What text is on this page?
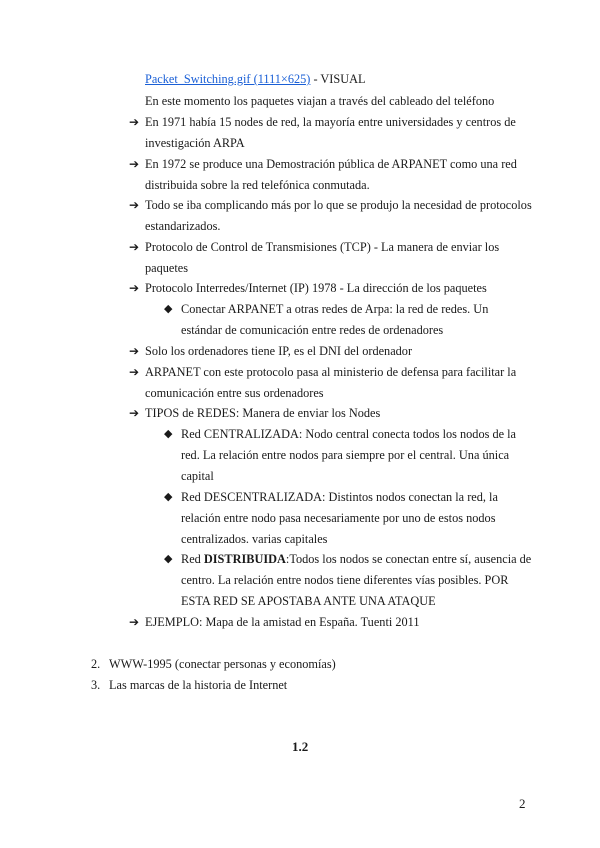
Packet_Switching.gif (1111×625) - VISUAL
En este momento los paquetes viajan a través del cableado del teléfono
➔ En 1971 había 15 nodes de red, la mayoría entre universidades y centros de
investigación ARPA
➔ En 1972 se produce una Demostración pública de ARPANET como una red
distribuida sobre la red telefónica conmutada.
➔ Todo se iba complicando más por lo que se produjo la necesidad de protocolos
estandarizados.
➔ Protocolo de Control de Transmisiones (TCP) - La manera de enviar los
paquetes
➔ Protocolo Interredes/Internet (IP) 1978 - La dirección de los paquetes
◆ Conectar ARPANET a otras redes de Arpa: la red de redes. Un
estándar de comunicación entre redes de ordenadores
➔ Solo los ordenadores tiene IP, es el DNI del ordenador
➔ ARPANET con este protocolo pasa al ministerio de defensa para facilitar la
comunicación entre sus ordenadores
➔ TIPOS de REDES: Manera de enviar los Nodes
◆ Red CENTRALIZADA: Nodo central conecta todos los nodos de la
red. La relación entre nodos para siempre por el central. Una única
capital
◆ Red DESCENTRALIZADA: Distintos nodos conectan la red, la
relación entre nodo pasa necesariamente por uno de estos nodos
centralizados. varias capitales
◆ Red DISTRIBUIDA:Todos los nodos se conectan entre sí, ausencia de
centro. La relación entre nodos tiene diferentes vías posibles. POR
ESTA RED SE APOSTABA ANTE UNA ATAQUE
➔ EJEMPLO: Mapa de la amistad en España. Tuenti 2011
2. WWW-1995 (conectar personas y economías)
3. Las marcas de la historia de Internet
1.2
2
